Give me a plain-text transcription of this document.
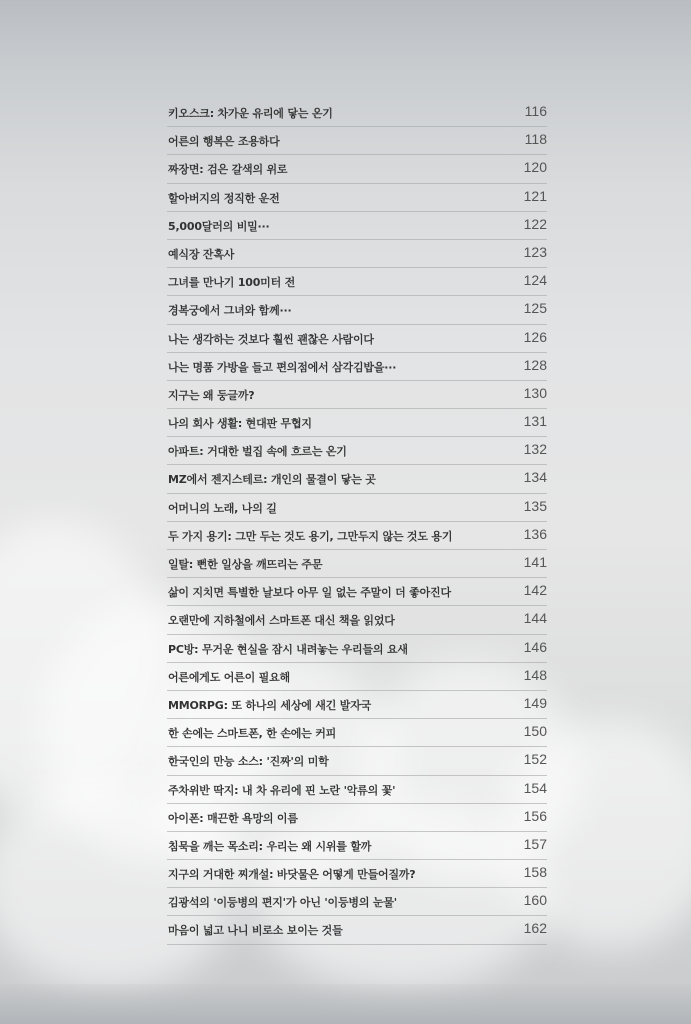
키오스크: 차가운 유리에 닿는 온기	116
어른의 행복은 조용하다	118
짜장면: 검은 갈색의 위로	120
할아버지의 정직한 운전	121
5,000달러의 비밀···	122
예식장 잔혹사	123
그녀를 만나기 100미터 전	124
경복궁에서 그녀와 함께···	125
나는 생각하는 것보다 훨씬 괜찮은 사람이다	126
나는 명품 가방을 들고 편의점에서 삼각김밥을···	128
지구는 왜 둥글까?	130
나의 회사 생활: 현대판 무협지	131
아파트: 거대한 벌집 속에 흐르는 온기	132
MZ에서 젠지스테르: 개인의 물결이 닿는 곳	134
어머니의 노래, 나의 길	135
두 가지 용기: 그만 두는 것도 용기, 그만두지 않는 것도 용기	136
일탈: 뻔한 일상을 깨뜨리는 주문	141
삶이 지치면 특별한 날보다 아무 일 없는 주말이 더 좋아진다	142
오랜만에 지하철에서 스마트폰 대신 책을 읽었다	144
PC방: 무거운 현실을 잠시 내려놓는 우리들의 요새	146
어른에게도 어른이 필요해	148
MMORPG: 또 하나의 세상에 새긴 발자국	149
한 손에는 스마트폰, 한 손에는 커피	150
한국인의 만능 소스: '진짜'의 미학	152
주차위반 딱지: 내 차 유리에 핀 노란 '악류의 꽃'	154
아이폰: 매끈한 욕망의 이름	156
침묵을 깨는 목소리: 우리는 왜 시위를 할까	157
지구의 거대한 찌개설: 바닷물은 어떻게 만들어질까?	158
김광석의 '이등병의 편지'가 아닌 '이등병의 눈물'	160
마음이 넓고 나니 비로소 보이는 것들	162
